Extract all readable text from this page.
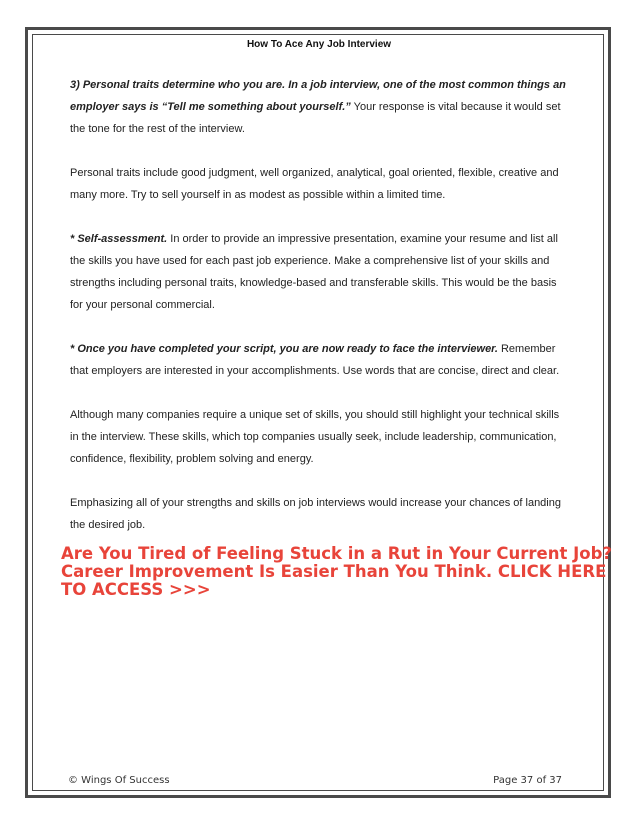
How To Ace Any Job Interview

3) Personal traits determine who you are. In a job interview, one of the most common things an employer says is “Tell me something about yourself.” Your response is vital because it would set the tone for the rest of the interview.

Personal traits include good judgment, well organized, analytical, goal oriented, flexible, creative and many more. Try to sell yourself in as modest as possible within a limited time.

* Self-assessment. In order to provide an impressive presentation, examine your resume and list all the skills you have used for each past job experience. Make a comprehensive list of your skills and strengths including personal traits, knowledge-based and transferable skills. This would be the basis for your personal commercial.

* Once you have completed your script, you are now ready to face the interviewer. Remember that employers are interested in your accomplishments. Use words that are concise, direct and clear.

Although many companies require a unique set of skills, you should still highlight your technical skills in the interview. These skills, which top companies usually seek, include leadership, communication, confidence, flexibility, problem solving and energy.

Emphasizing all of your strengths and skills on job interviews would increase your chances of landing the desired job.

Are You Tired of Feeling Stuck in a Rut in Your Current Job?
Career Improvement Is Easier Than You Think. CLICK HERE
TO ACCESS >>>
© Wings Of Success	Page 37 of 37
